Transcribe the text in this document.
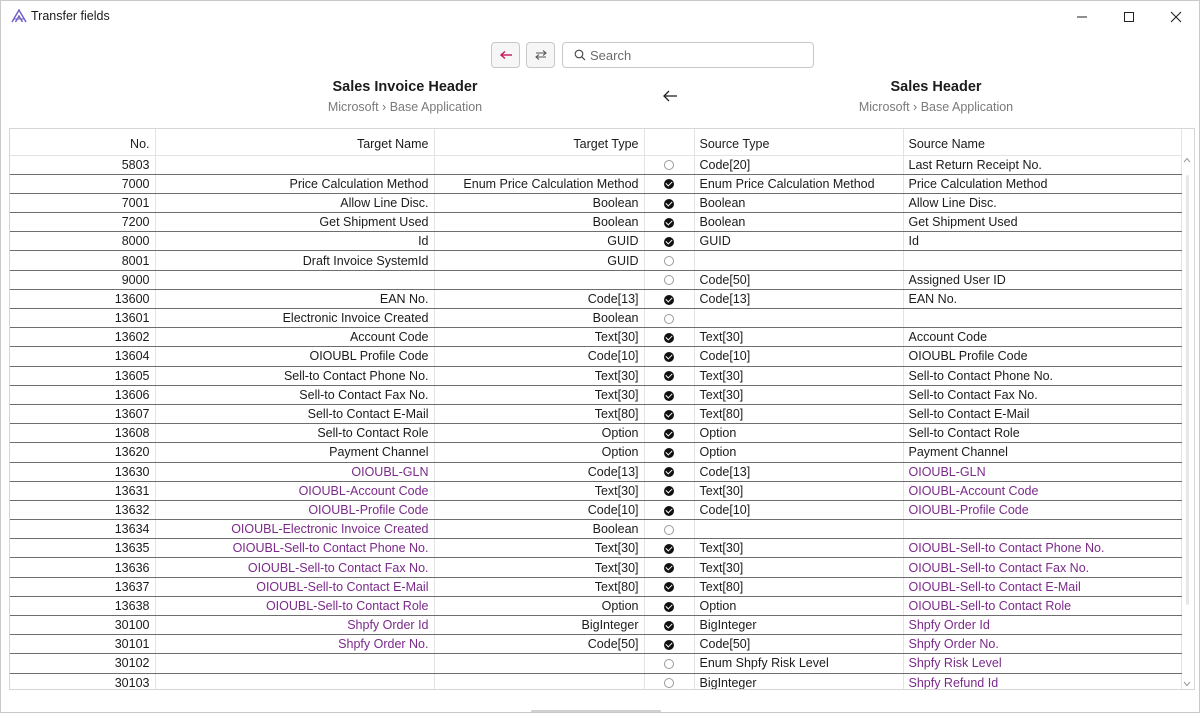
Transfer fields
Search
Sales Invoice Header
Microsoft › Base Application
Sales Header
Microsoft › Base Application
No.	Target Name	Target Type		Source Type	Source Name
5803				Code[20]	Last Return Receipt No.
7000	Price Calculation Method	Enum Price Calculation Method		Enum Price Calculation Method	Price Calculation Method
7001	Allow Line Disc.	Boolean		Boolean	Allow Line Disc.
7200	Get Shipment Used	Boolean		Boolean	Get Shipment Used
8000	Id	GUID		GUID	Id
8001	Draft Invoice SystemId	GUID			
9000				Code[50]	Assigned User ID
13600	EAN No.	Code[13]		Code[13]	EAN No.
13601	Electronic Invoice Created	Boolean			
13602	Account Code	Text[30]		Text[30]	Account Code
13604	OIOUBL Profile Code	Code[10]		Code[10]	OIOUBL Profile Code
13605	Sell-to Contact Phone No.	Text[30]		Text[30]	Sell-to Contact Phone No.
13606	Sell-to Contact Fax No.	Text[30]		Text[30]	Sell-to Contact Fax No.
13607	Sell-to Contact E-Mail	Text[80]		Text[80]	Sell-to Contact E-Mail
13608	Sell-to Contact Role	Option		Option	Sell-to Contact Role
13620	Payment Channel	Option		Option	Payment Channel
13630	OIOUBL-GLN	Code[13]		Code[13]	OIOUBL-GLN
13631	OIOUBL-Account Code	Text[30]		Text[30]	OIOUBL-Account Code
13632	OIOUBL-Profile Code	Code[10]		Code[10]	OIOUBL-Profile Code
13634	OIOUBL-Electronic Invoice Created	Boolean			
13635	OIOUBL-Sell-to Contact Phone No.	Text[30]		Text[30]	OIOUBL-Sell-to Contact Phone No.
13636	OIOUBL-Sell-to Contact Fax No.	Text[30]		Text[30]	OIOUBL-Sell-to Contact Fax No.
13637	OIOUBL-Sell-to Contact E-Mail	Text[80]		Text[80]	OIOUBL-Sell-to Contact E-Mail
13638	OIOUBL-Sell-to Contact Role	Option		Option	OIOUBL-Sell-to Contact Role
30100	Shpfy Order Id	BigInteger		BigInteger	Shpfy Order Id
30101	Shpfy Order No.	Code[50]		Code[50]	Shpfy Order No.
30102				Enum Shpfy Risk Level	Shpfy Risk Level
30103				BigInteger	Shpfy Refund Id
